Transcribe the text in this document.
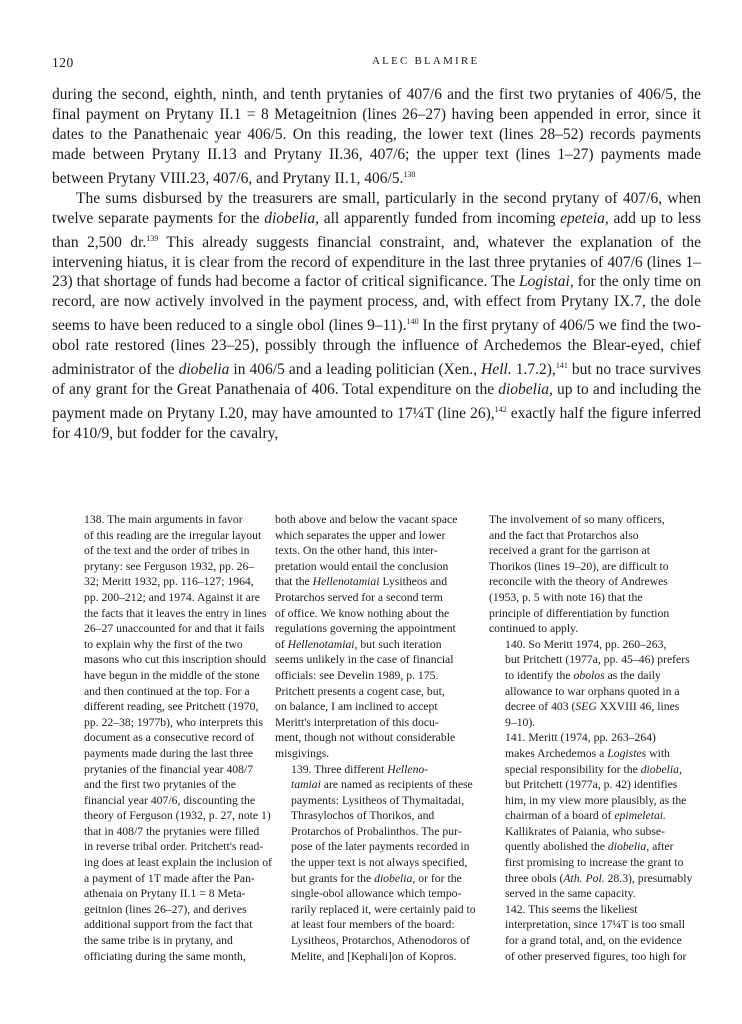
120	ALEC BLAMIRE

during the second, eighth, ninth, and tenth prytanies of 407/6 and the first two prytanies of 406/5, the final payment on Prytany II.1 = 8 Metageitnion (lines 26–27) having been appended in error, since it dates to the Panathenaic year 406/5. On this reading, the lower text (lines 28–52) records payments made between Prytany II.13 and Prytany II.36, 407/6; the upper text (lines 1–27) payments made between Prytany VIII.23, 407/6, and Prytany II.1, 406/5.$^{138}$

The sums disbursed by the treasurers are small, particularly in the second prytany of 407/6, when twelve separate payments for the diobelia, all apparently funded from incoming epeteia, add up to less than 2,500 dr.$^{139}$ This already suggests financial constraint, and, whatever the explanation of the intervening hiatus, it is clear from the record of expenditure in the last three prytanies of 407/6 (lines 1–23) that shortage of funds had become a factor of critical significance. The Logistai, for the only time on record, are now actively involved in the payment process, and, with effect from Prytany IX.7, the dole seems to have been reduced to a single obol (lines 9–11).$^{140}$ In the first prytany of 406/5 we find the two-obol rate restored (lines 23–25), possibly through the influence of Archedemos the Blear-eyed, chief administrator of the diobelia in 406/5 and a leading politician (Xen., Hell. 1.7.2),$^{141}$ but no trace survives of any grant for the Great Panathenaia of 406. Total expenditure on the diobelia, up to and including the payment made on Prytany I.20, may have amounted to 17¼T (line 26),$^{142}$ exactly half the figure inferred for 410/9, but fodder for the cavalry,

138. The main arguments in favor
of this reading are the irregular layout
of the text and the order of tribes in
prytany: see Ferguson 1932, pp. 26–
32; Meritt 1932, pp. 116–127; 1964,
pp. 200–212; and 1974. Against it are
the facts that it leaves the entry in lines
26–27 unaccounted for and that it fails
to explain why the first of the two
masons who cut this inscription should
have begun in the middle of the stone
and then continued at the top. For a
different reading, see Pritchett (1970,
pp. 22–38; 1977b), who interprets this
document as a consecutive record of
payments made during the last three
prytanies of the financial year 408/7
and the first two prytanies of the
financial year 407/6, discounting the
theory of Ferguson (1932, p. 27, note 1)
that in 408/7 the prytanies were filled
in reverse tribal order. Pritchett's read-
ing does at least explain the inclusion of
a payment of 1T made after the Pan-
athenaia on Prytany II.1 = 8 Meta-
geitnion (lines 26–27), and derives
additional support from the fact that
the same tribe is in prytany, and
officiating during the same month,

both above and below the vacant space
which separates the upper and lower
texts. On the other hand, this inter-
pretation would entail the conclusion
that the Hellenotamiai Lysitheos and
Protarchos served for a second term
of office. We know nothing about the
regulations governing the appointment
of Hellenotamiai, but such iteration
seems unlikely in the case of financial
officials: see Develin 1989, p. 175.
Pritchett presents a cogent case, but,
on balance, I am inclined to accept
Meritt's interpretation of this docu-
ment, though not without considerable
misgivings.

139. Three different Helleno-
tamiai are named as recipients of these
payments: Lysitheos of Thymaitadai,
Thrasylochos of Thorikos, and
Protarchos of Probalinthos. The pur-
pose of the later payments recorded in
the upper text is not always specified,
but grants for the diobelia, or for the
single-obol allowance which tempo-
rarily replaced it, were certainly paid to
at least four members of the board:
Lysitheos, Protarchos, Athenodoros of
Melite, and [Kephali]on of Kopros.

The involvement of so many officers,
and the fact that Protarchos also
received a grant for the garrison at
Thorikos (lines 19–20), are difficult to
reconcile with the theory of Andrewes
(1953, p. 5 with note 16) that the
principle of differentiation by function
continued to apply.

140. So Meritt 1974, pp. 260–263,
but Pritchett (1977a, pp. 45–46) prefers
to identify the obolos as the daily
allowance to war orphans quoted in a
decree of 403 (SEG XXVIII 46, lines
9–10).

141. Meritt (1974, pp. 263–264)
makes Archedemos a Logistes with
special responsibility for the diobelia,
but Pritchett (1977a, p. 42) identifies
him, in my view more plausibly, as the
chairman of a board of epimeletai.
Kallikrates of Paiania, who subse-
quently abolished the diobelia, after
first promising to increase the grant to
three obols (Ath. Pol. 28.3), presumably
served in the same capacity.

142. This seems the likeliest
interpretation, since 17¼T is too small
for a grand total, and, on the evidence
of other preserved figures, too high for
